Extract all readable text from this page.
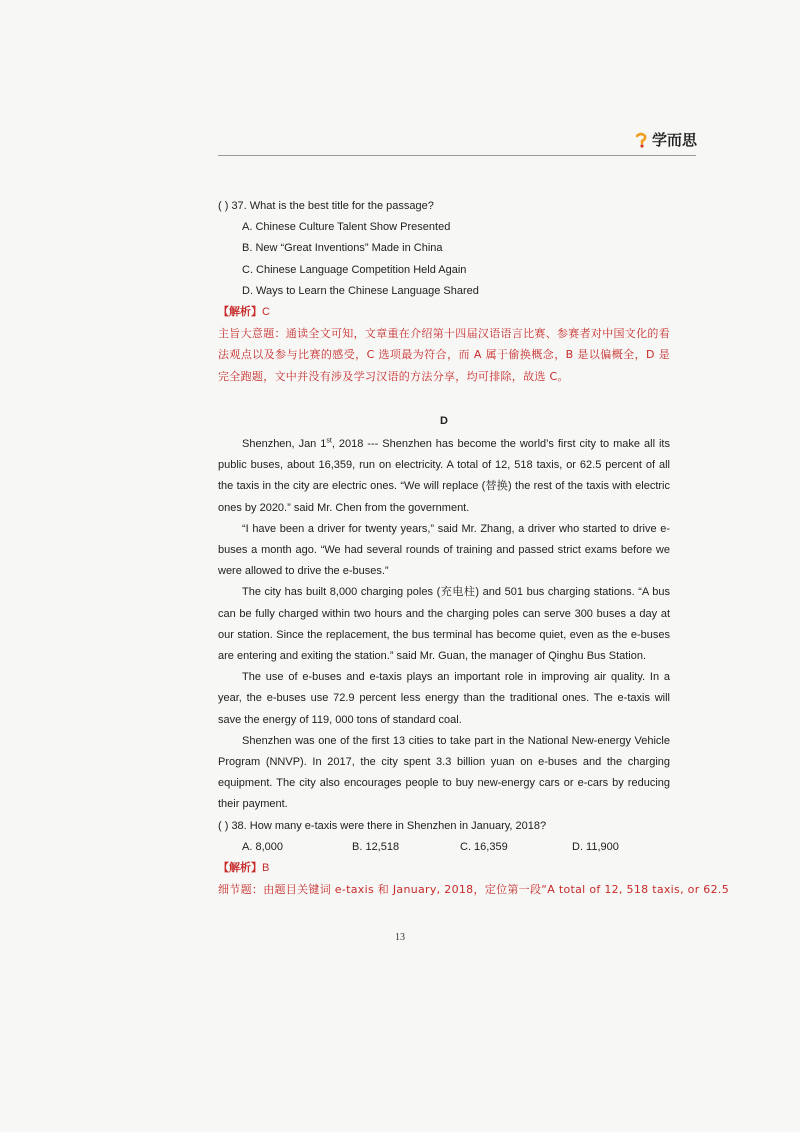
学而思
( ) 37. What is the best title for the passage?
A. Chinese Culture Talent Show Presented
B. New “Great Inventions” Made in China
C. Chinese Language Competition Held Again
D. Ways to Learn the Chinese Language Shared
【解析】C

主旨大意题：通读全文可知，文章重在介绍第十四届汉语语言比赛、参赛者对中国文化的看法观点以及参与比赛的感受，C 选项最为符合，而 A 属于偷换概念，B 是以偏概全，D 是完全跑题，文中并没有涉及学习汉语的方法分享，均可排除，故选 C。

D

Shenzhen, Jan 1st, 2018 --- Shenzhen has become the world’s first city to make all its public buses, about 16,359, run on electricity. A total of 12, 518 taxis, or 62.5 percent of all the taxis in the city are electric ones. “We will replace (替换) the rest of the taxis with electric ones by 2020.” said Mr. Chen from the government.

“I have been a driver for twenty years,” said Mr. Zhang, a driver who started to drive e-buses a month ago. “We had several rounds of training and passed strict exams before we were allowed to drive the e-buses.”

The city has built 8,000 charging poles (充电柱) and 501 bus charging stations. “A bus can be fully charged within two hours and the charging poles can serve 300 buses a day at our station. Since the replacement, the bus terminal has become quiet, even as the e-buses are entering and exiting the station.” said Mr. Guan, the manager of Qinghu Bus Station.

The use of e-buses and e-taxis plays an important role in improving air quality. In a year, the e-buses use 72.9 percent less energy than the traditional ones. The e-taxis will save the energy of 119, 000 tons of standard coal.

Shenzhen was one of the first 13 cities to take part in the National New-energy Vehicle Program (NNVP). In 2017, the city spent 3.3 billion yuan on e-buses and the charging equipment. The city also encourages people to buy new-energy cars or e-cars by reducing their payment.

( ) 38. How many e-taxis were there in Shenzhen in January, 2018?
A. 8,000	B. 12,518	C. 16,359	D. 11,900
【解析】B

细节题：由题目关键词 e-taxis 和 January, 2018，定位第一段“A total of 12, 518 taxis, or 62.5

13
